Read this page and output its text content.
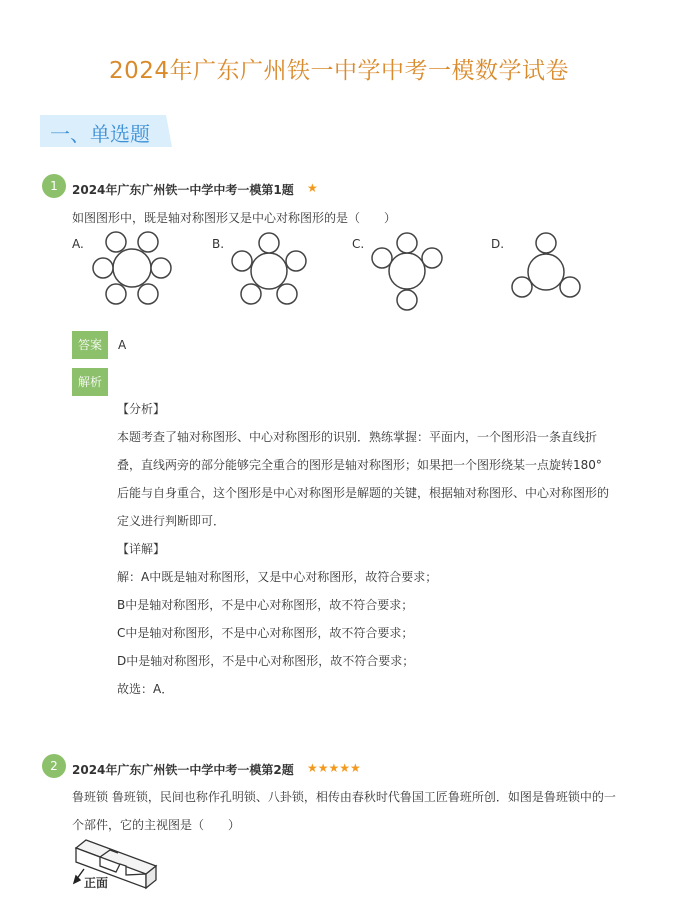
2024年广东广州铁一中学中考一模数学试卷
一、单选题
1	2024年广东广州铁一中学中考一模第1题 ★
如图图形中，既是轴对称图形又是中心对称图形的是（　　）
A.	B.	C.	D.
答案	A
解析
【分析】
本题考查了轴对称图形、中心对称图形的识别．熟练掌握：平面内，一个图形沿一条直线折
叠，直线两旁的部分能够完全重合的图形是轴对称图形；如果把一个图形绕某一点旋转180°
后能与自身重合，这个图形是中心对称图形是解题的关键，根据轴对称图形、中心对称图形的
定义进行判断即可．
【详解】
解：A中既是轴对称图形，又是中心对称图形，故符合要求；
B中是轴对称图形，不是中心对称图形，故不符合要求；
C中是轴对称图形，不是中心对称图形，故不符合要求；
D中是轴对称图形，不是中心对称图形，故不符合要求；
故选：A．
2	2024年广东广州铁一中学中考一模第2题 ★★★★★
鲁班锁 鲁班锁，民间也称作孔明锁、八卦锁，相传由春秋时代鲁国工匠鲁班所创．如图是鲁班锁中的一
个部件，它的主视图是（　　）
正面
